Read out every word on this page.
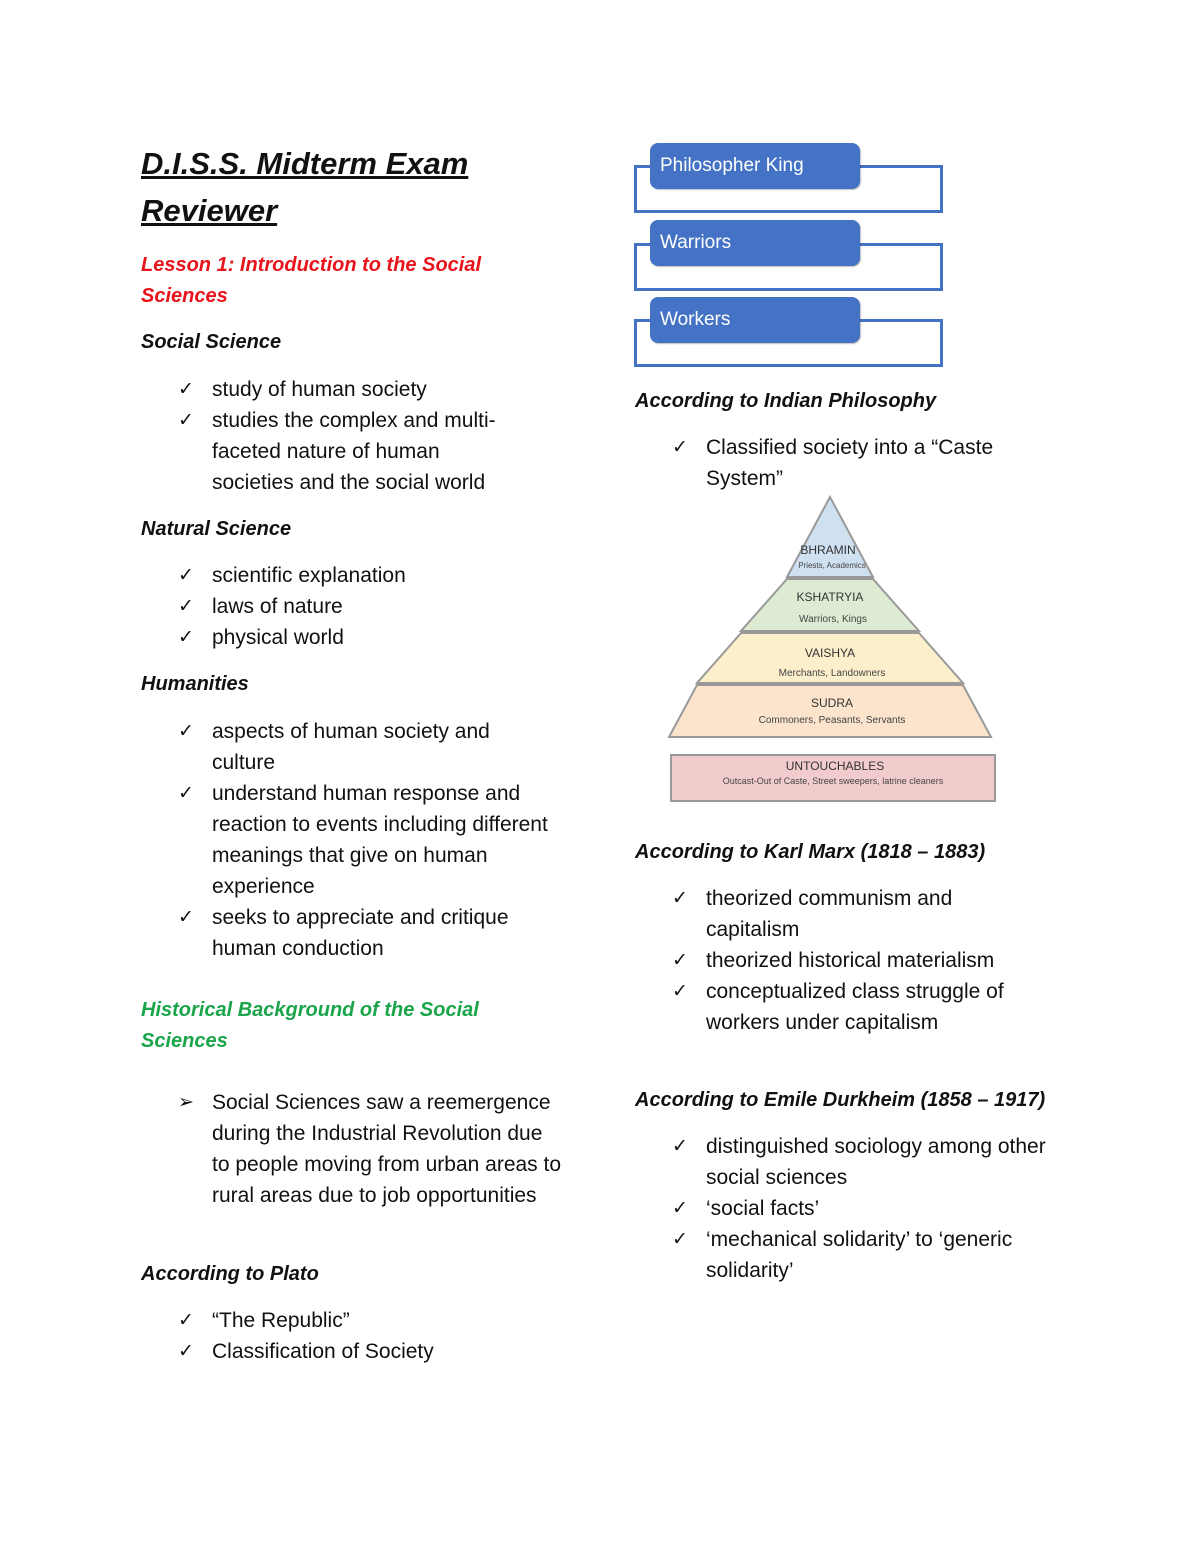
D.I.S.S. Midterm Exam Reviewer

Lesson 1: Introduction to the Social Sciences

Social Science

✓ study of human society
✓ studies the complex and multi-faceted nature of human societies and the social world

Natural Science

✓ scientific explanation
✓ laws of nature
✓ physical world

Humanities

✓ aspects of human society and culture
✓ understand human response and reaction to events including different meanings that give on human experience
✓ seeks to appreciate and critique human conduction

Historical Background of the Social Sciences

➢ Social Sciences saw a reemergence during the Industrial Revolution due to people moving from urban areas to rural areas due to job opportunities

According to Plato

✓ “The Republic”
✓ Classification of Society
Philosopher King
Warriors
Workers

According to Indian Philosophy

✓ Classified society into a “Caste System”
BHRAMIN
Priests, Academics
KSHATRYIA
Warriors, Kings
VAISHYA
Merchants, Landowners
SUDRA
Commoners, Peasants, Servants
UNTOUCHABLES
Outcast-Out of Caste, Street sweepers, latrine cleaners

According to Karl Marx (1818 – 1883)

✓ theorized communism and capitalism
✓ theorized historical materialism
✓ conceptualized class struggle of workers under capitalism

According to Emile Durkheim (1858 – 1917)

✓ distinguished sociology among other social sciences
✓ ‘social facts’
✓ ‘mechanical solidarity’ to ‘generic solidarity’
